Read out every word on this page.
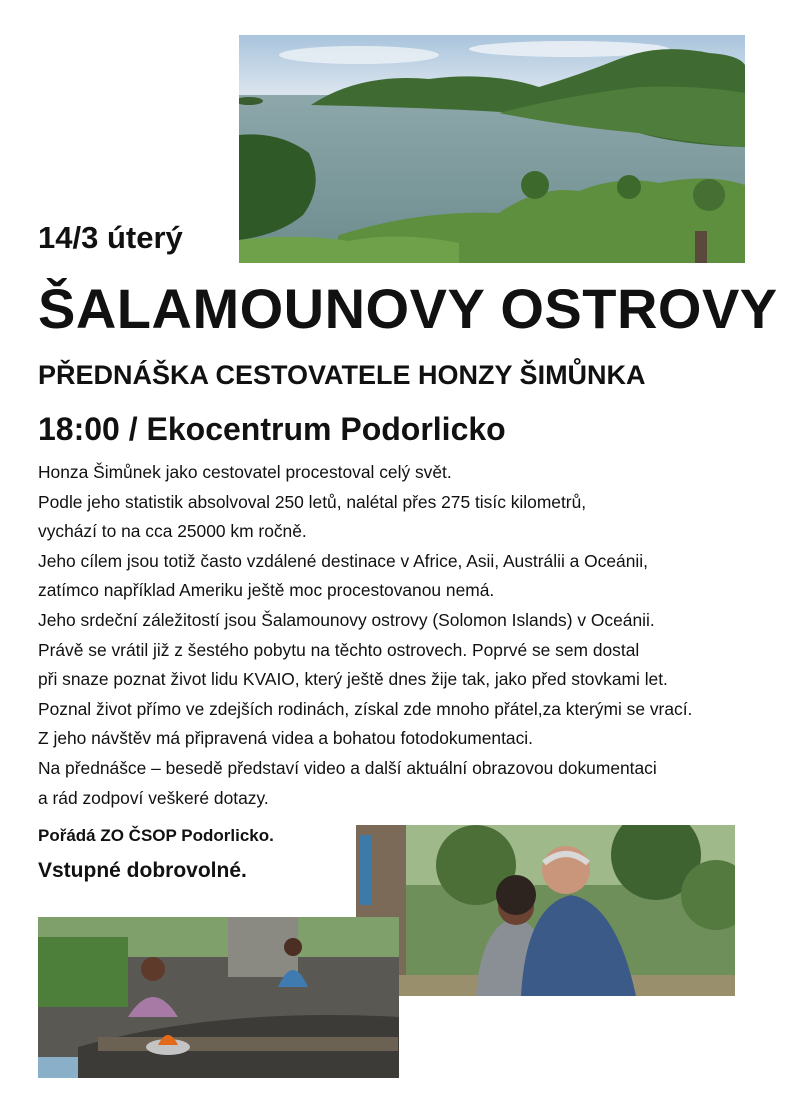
14/3 úterý
ŠALAMOUNOVY OSTROVY
PŘEDNÁŠKA CESTOVATELE HONZY ŠIMŮNKA
18:00 / Ekocentrum Podorlicko

Honza Šimůnek jako cestovatel procestoval celý svět.

Podle jeho statistik absolvoval 250 letů, nalétal přes 275 tisíc kilometrů,

vychází to na cca 25000 km ročně.

Jeho cílem jsou totiž často vzdálené destinace v Africe, Asii, Austrálii a Oceánii,

zatímco například Ameriku ještě moc procestovanou nemá.

Jeho srdeční záležitostí jsou Šalamounovy ostrovy (Solomon Islands) v Oceánii.

Právě se vrátil již z šestého pobytu na těchto ostrovech. Poprvé se sem dostal

při snaze poznat život lidu KVAIO, který ještě dnes žije tak, jako před stovkami let.

Poznal život přímo ve zdejších rodinách, získal zde mnoho přátel,za kterými se vrací.

Z jeho návštěv má připravená videa a bohatou fotodokumentaci.

Na přednášce – besedě představí video a další aktuální obrazovou dokumentaci

a rád zodpoví veškeré dotazy.

Pořádá ZO ČSOP Podorlicko.
Vstupné dobrovolné.
